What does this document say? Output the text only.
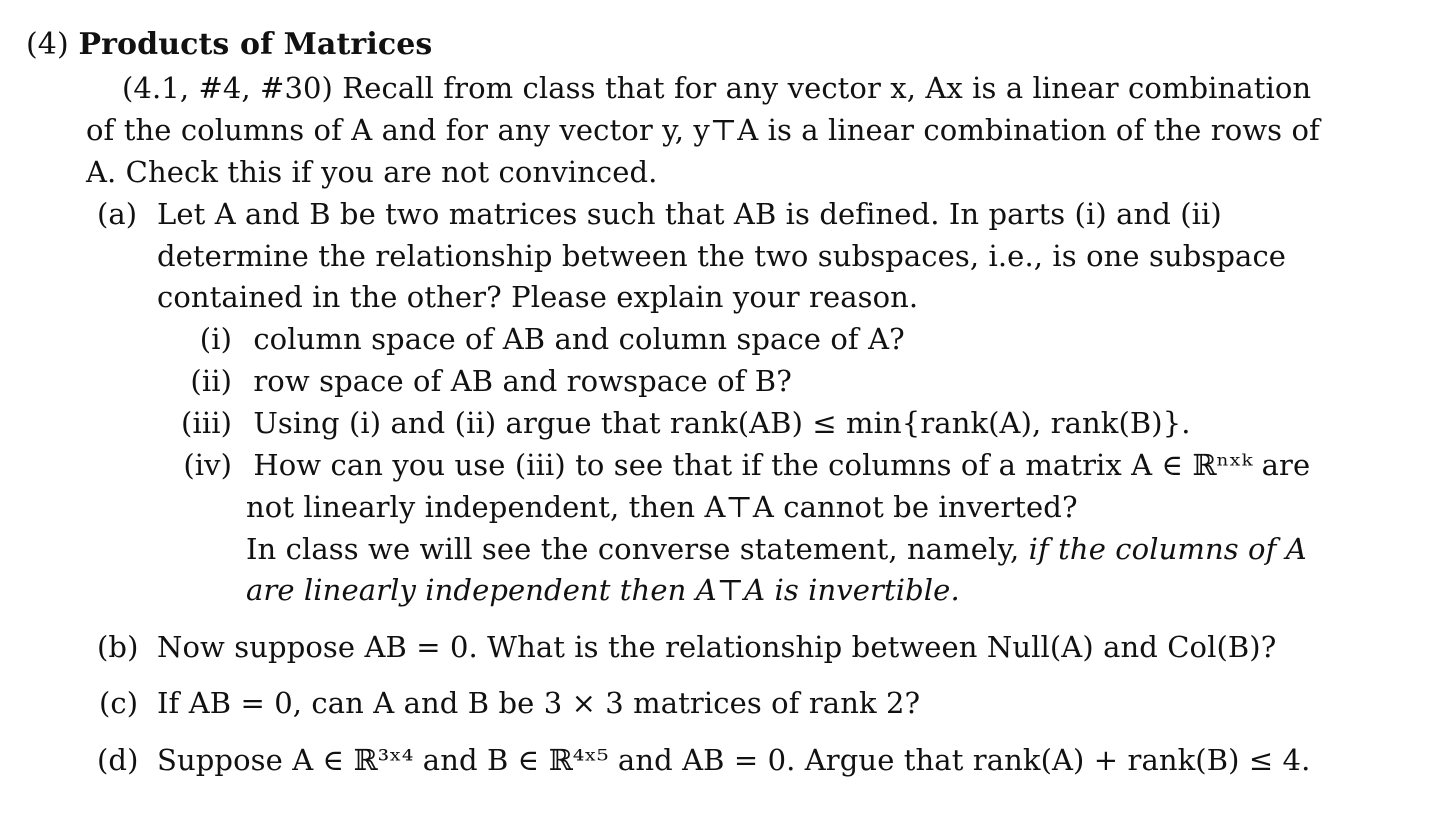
(4) Products of Matrices
(4.1, #4, #30) Recall from class that for any vector x, Ax is a linear combination
of the columns of A and for any vector y, y⊤A is a linear combination of the rows of
A. Check this if you are not convinced.
(a) Let A and B be two matrices such that AB is defined. In parts (i) and (ii)
determine the relationship between the two subspaces, i.e., is one subspace
contained in the other? Please explain your reason.
(i) column space of AB and column space of A?
(ii) row space of AB and rowspace of B?
(iii) Using (i) and (ii) argue that rank(AB) ≤ min{rank(A), rank(B)}.
(iv) How can you use (iii) to see that if the columns of a matrix A ∈ ℝⁿˣᵏ are
not linearly independent, then A⊤A cannot be inverted?
In class we will see the converse statement, namely, if the columns of A
are linearly independent then A⊤A is invertible.
(b) Now suppose AB = 0. What is the relationship between Null(A) and Col(B)?
(c) If AB = 0, can A and B be 3 × 3 matrices of rank 2?
(d) Suppose A ∈ ℝ³ˣ⁴ and B ∈ ℝ⁴ˣ⁵ and AB = 0. Argue that rank(A) + rank(B) ≤ 4.
